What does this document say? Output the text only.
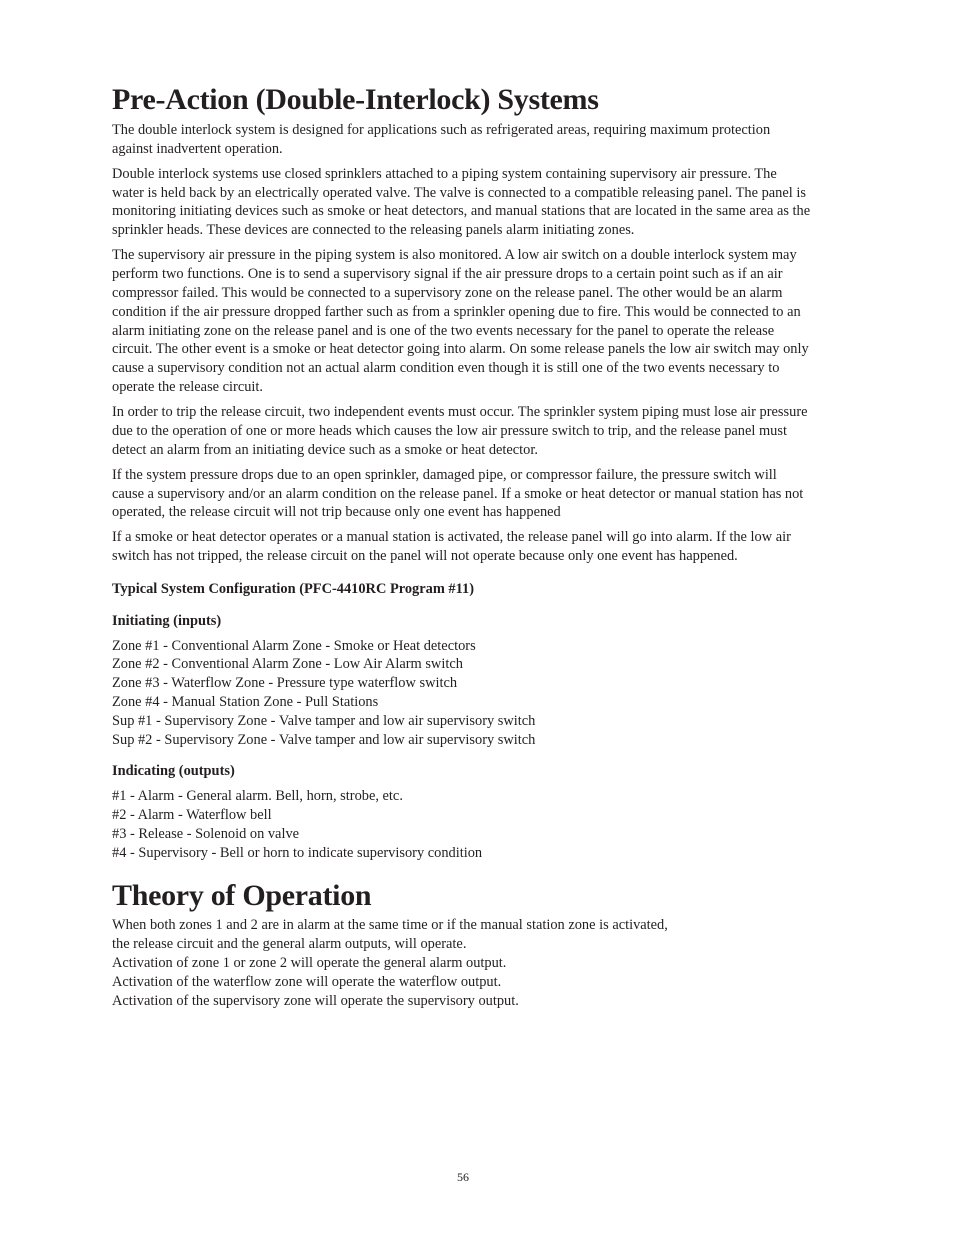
Pre-Action (Double-Interlock) Systems

The double interlock system is designed for applications such as refrigerated areas, requiring maximum protection against inadvertent operation.

Double interlock systems use closed sprinklers attached to a piping system containing supervisory air pressure. The water is held back by an electrically operated valve. The valve is connected to a compatible releasing panel. The panel is monitoring initiating devices such as smoke or heat detectors, and manual stations that are located in the same area as the sprinkler heads. These devices are connected to the releasing panels alarm initiating zones.

The supervisory air pressure in the piping system is also monitored. A low air switch on a double interlock system may perform two functions. One is to send a supervisory signal if the air pressure drops to a certain point such as if an air compressor failed. This would be connected to a supervisory zone on the release panel. The other would be an alarm condition if the air pressure dropped farther such as from a sprinkler opening due to fire. This would be connected to an alarm initiating zone on the release panel and is one of the two events necessary for the panel to operate the release circuit. The other event is a smoke or heat detector going into alarm. On some release panels the low air switch may only cause a supervisory condition not an actual alarm condition even though it is still one of the two events necessary to operate the release circuit.

In order to trip the release circuit, two independent events must occur. The sprinkler system piping must lose air pressure due to the operation of one or more heads which causes the low air pressure switch to trip, and the release panel must detect an alarm from an initiating device such as a smoke or heat detector.

If the system pressure drops due to an open sprinkler, damaged pipe, or compressor failure, the pressure switch will cause a supervisory and/or an alarm condition on the release panel. If a smoke or heat detector or manual station has not operated, the release circuit will not trip because only one event has happened

If a smoke or heat detector operates or a manual station is activated, the release panel will go into alarm. If the low air switch has not tripped, the release circuit on the panel will not operate because only one event has happened.

Typical System Configuration (PFC-4410RC Program #11)
Initiating (inputs)
Zone #1 - Conventional Alarm Zone - Smoke or Heat detectors
Zone #2 - Conventional Alarm Zone - Low Air Alarm switch
Zone #3 - Waterflow Zone - Pressure type waterflow switch
Zone #4 - Manual Station Zone - Pull Stations
Sup #1 - Supervisory Zone - Valve tamper and low air supervisory switch
Sup #2 - Supervisory Zone - Valve tamper and low air supervisory switch
Indicating (outputs)
#1 - Alarm - General alarm. Bell, horn, strobe, etc.
#2 - Alarm - Waterflow bell
#3 - Release - Solenoid on valve
#4 - Supervisory - Bell or horn to indicate supervisory condition
Theory of Operation
When both zones 1 and 2 are in alarm at the same time or if the manual station zone is activated, the release circuit and the general alarm outputs, will operate.
Activation of zone 1 or zone 2 will operate the general alarm output.
Activation of the waterflow zone will operate the waterflow output.
Activation of the supervisory zone will operate the supervisory output.
56
